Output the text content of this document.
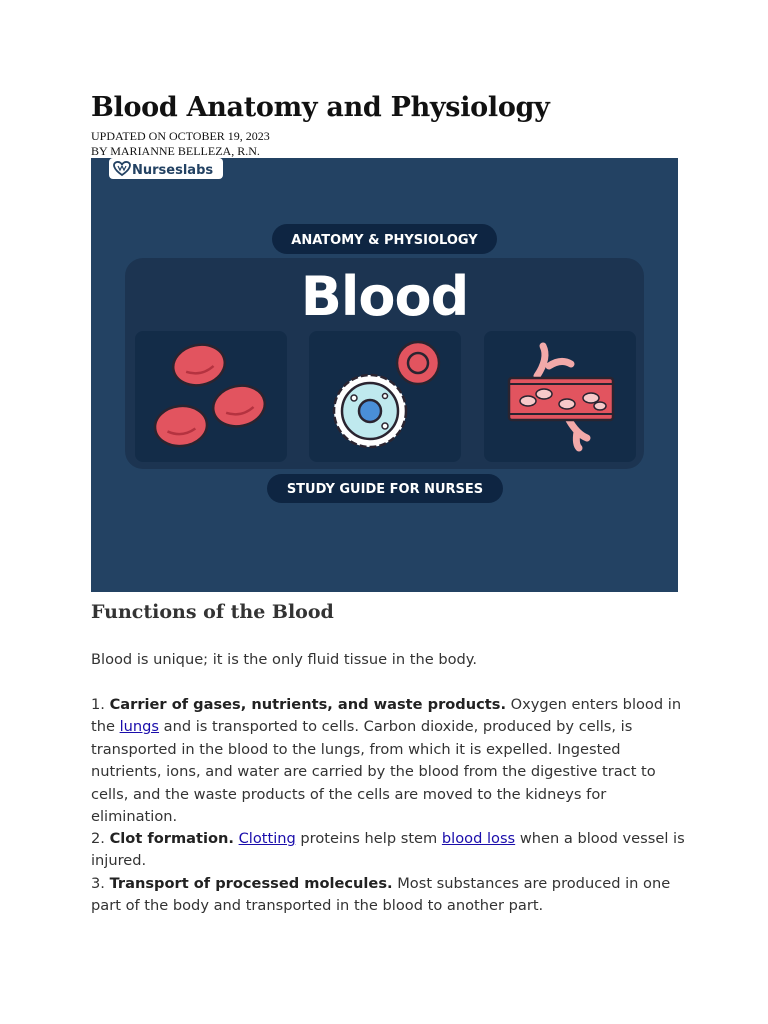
Blood Anatomy and Physiology
UPDATED ON OCTOBER 19, 2023
BY MARIANNE BELLEZA, R.N.
Nurseslabs
ANATOMY & PHYSIOLOGY
Blood
STUDY GUIDE FOR NURSES
Functions of the Blood

Blood is unique; it is the only fluid tissue in the body.

1. Carrier of gases, nutrients, and waste products. Oxygen enters blood in the lungs and is transported to cells. Carbon dioxide, produced by cells, is transported in the blood to the lungs, from which it is expelled. Ingested nutrients, ions, and water are carried by the blood from the digestive tract to cells, and the waste products of the cells are moved to the kidneys for elimination.

2. Clot formation. Clotting proteins help stem blood loss when a blood vessel is injured.

3. Transport of processed molecules. Most substances are produced in one part of the body and transported in the blood to another part.
